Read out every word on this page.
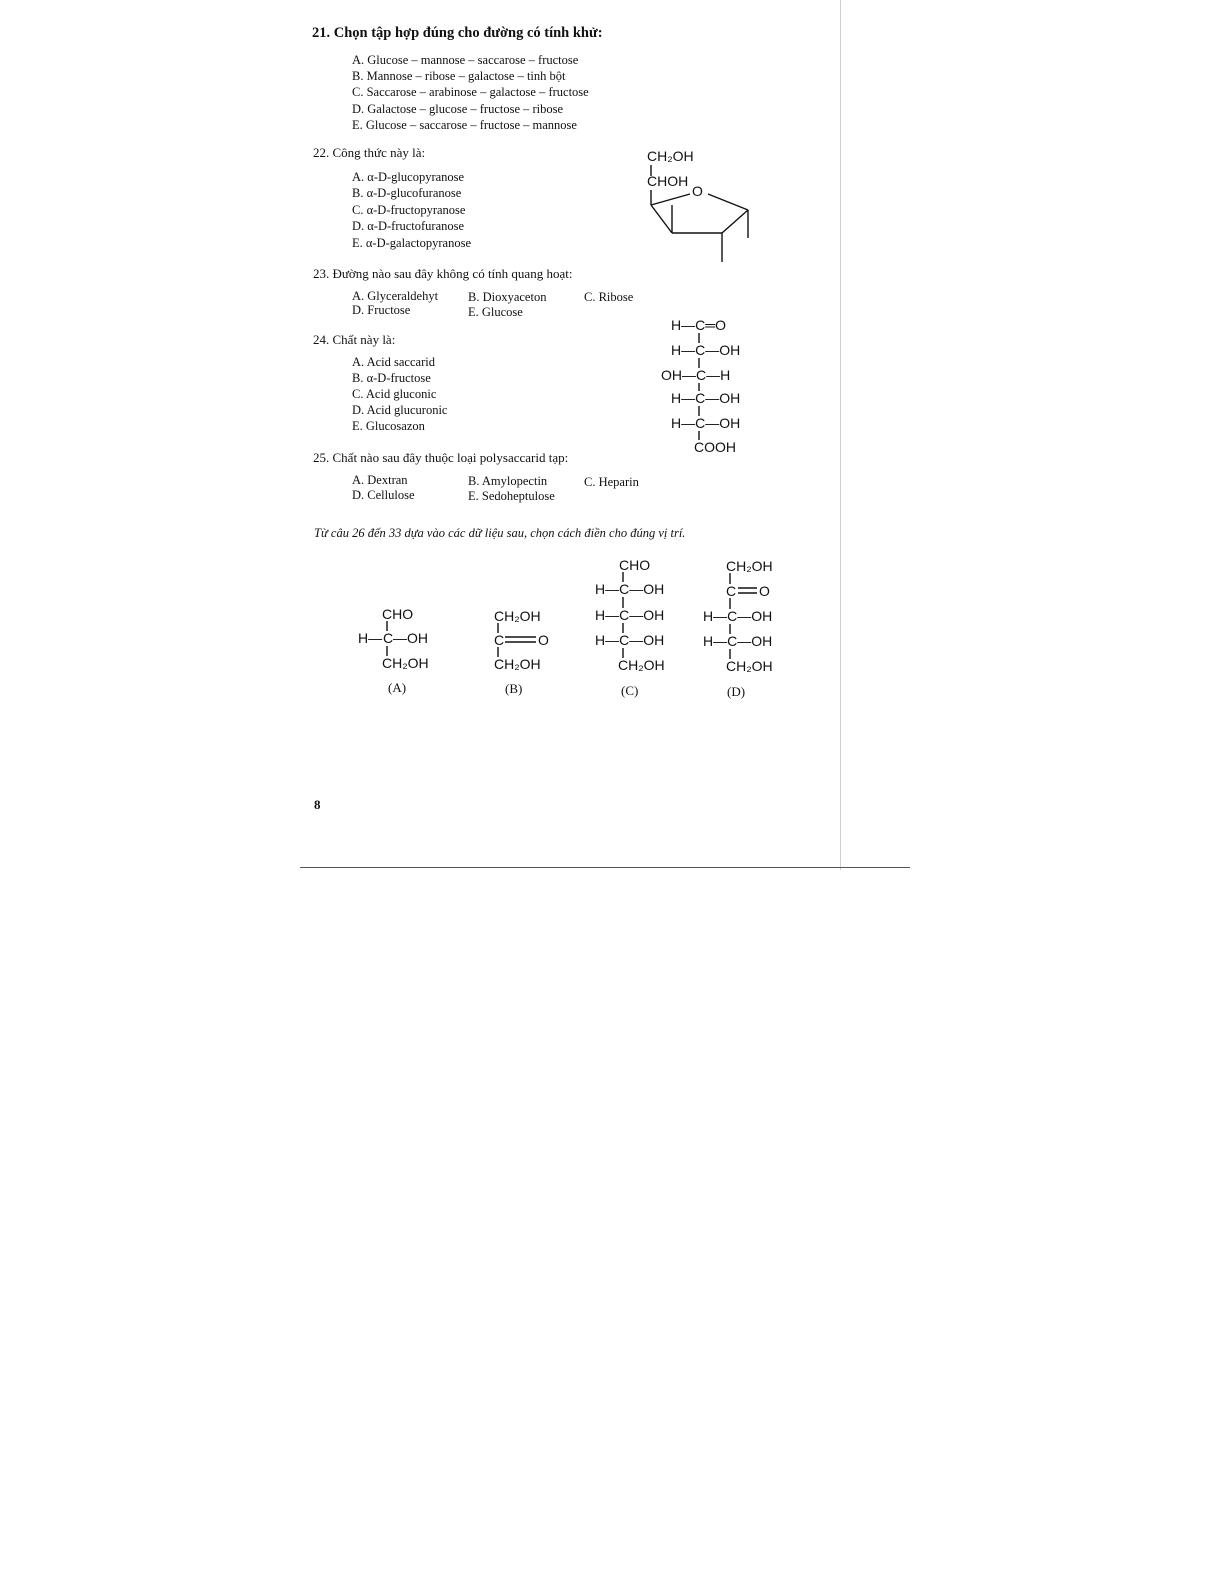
21. Chọn tập hợp đúng cho đường có tính khử:
A. Glucose – mannose – saccarose – fructose
B. Mannose – ribose – galactose – tinh bột
C. Saccarose – arabinose – galactose – fructose
D. Galactose – glucose – fructose – ribose
E. Glucose – saccarose – fructose – mannose
22. Công thức này là:
A. α-D-glucopyranose
B. α-D-glucofuranose
C. α-D-fructopyranose
D. α-D-fructofuranose
E. α-D-galactopyranose
CH₂OH
CHOH
O
23. Đường nào sau đây không có tính quang hoạt:
A. Glyceraldehyt B. Dioxyaceton	C. Ribose
D. Fructose	E. Glucose
24. Chất này là:
A. Acid saccarid
B. α-D-fructose
C. Acid gluconic
D. Acid glucuronic
E. Glucosazon
H—C═O
H—C—OH
OH—C—H
H—C—OH
H—C—OH
COOH
25. Chất nào sau đây thuộc loại polysaccarid tạp:
A. Dextran	B. Amylopectin	C. Heparin
D. Cellulose	E. Sedoheptulose
Từ câu 26 đến 33 dựa vào các dữ liệu sau, chọn cách điền cho đúng vị trí.
CHO
H— C —OH
CH₂OH
(A)
CH₂OH
C O
CH₂OH
(B)
CHO
H—C—OH
H—C—OH
H—C—OH
CH₂OH
(C)
CH₂OH
C O
H—C—OH
H—C—OH
CH₂OH
(D)
8
